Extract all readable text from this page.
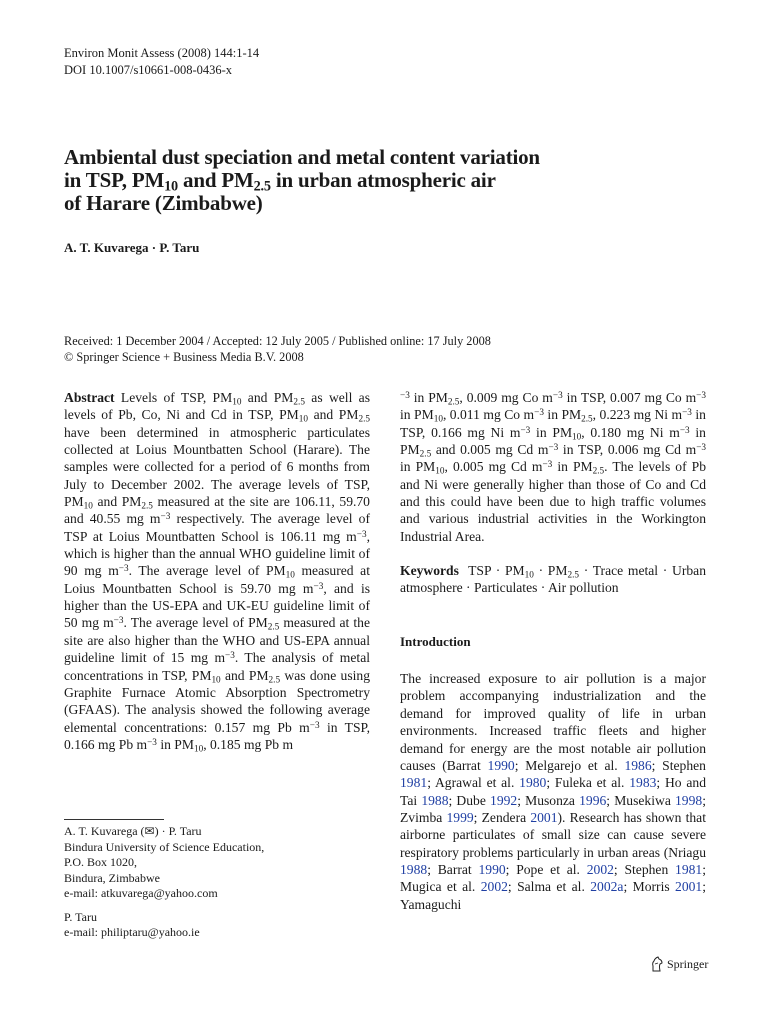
Environ Monit Assess (2008) 144:1-14
DOI 10.1007/s10661-008-0436-x
Ambiental dust speciation and metal content variation
in TSP, $PM_{10}$ and $PM_{2.5}$ in urban atmospheric air
of Harare (Zimbabwe)
A. T. Kuvarega · P. Taru
Received: 1 December 2004 / Accepted: 12 July 2005 / Published online: 17 July 2008
© Springer Science + Business Media B.V. 2008

Abstract Levels of TSP, $PM_{10}$ and $PM_{2.5}$ as well as levels of Pb, Co, Ni and Cd in TSP, $PM_{10}$ and $PM_{2.5}$ have been determined in atmospheric particulates collected at Loius Mountbatten School (Harare). The samples were collected for a period of 6 months from July to December 2002. The average levels of TSP, $PM_{10}$ and $PM_{2.5}$ measured at the site are 106.11, 59.70 and 40.55 mg $m^{-3}$ respectively. The average level of TSP at Loius Mountbatten School is 106.11 mg $m^{-3}$, which is higher than the annual WHO guideline limit of 90 mg $m^{-3}$. The average level of $PM_{10}$ measured at Loius Mountbatten School is 59.70 mg $m^{-3}$, and is higher than the US-EPA and UK-EU guideline limit of 50 mg $m^{-3}$. The average level of $PM_{2.5}$ measured at the site are also higher than the WHO and US-EPA annual guideline limit of 15 mg $m^{-3}$. The analysis of metal concentrations in TSP, $PM_{10}$ and $PM_{2.5}$ was done using Graphite Furnace Atomic Absorption Spectrometry (GFAAS). The analysis showed the following average elemental concentrations: 0.157 mg Pb $m^{-3}$ in TSP, 0.166 mg Pb $m^{-3}$ in $PM_{10}$, 0.185 mg Pb m

$^{-3}$ in $PM_{2.5}$, 0.009 mg Co $m^{-3}$ in TSP, 0.007 mg Co $m^{-3}$ in $PM_{10}$, 0.011 mg Co $m^{-3}$ in $PM_{2.5}$, 0.223 mg Ni $m^{-3}$ in TSP, 0.166 mg Ni $m^{-3}$ in $PM_{10}$, 0.180 mg Ni $m^{-3}$ in $PM_{2.5}$ and 0.005 mg Cd $m^{-3}$ in TSP, 0.006 mg Cd $m^{-3}$ in $PM_{10}$, 0.005 mg Cd $m^{-3}$ in $PM_{2.5}$. The levels of Pb and Ni were generally higher than those of Co and Cd and this could have been due to high traffic volumes and various industrial activities in the Workington Industrial Area.

Keywords TSP · $PM_{10} \cdot PM_{2.5}$ · Trace metal · Urban atmosphere · Particulates · Air pollution

Introduction

The increased exposure to air pollution is a major problem accompanying industrialization and the demand for improved quality of life in urban environments. Increased traffic fleets and higher demand for energy are the most notable air pollution causes (Barrat 1990; Melgarejo et al. 1986; Stephen 1981; Agrawal et al. 1980; Fuleka et al. 1983; Ho and Tai 1988; Dube 1992; Musonza 1996; Musekiwa 1998; Zvimba 1999; Zendera 2001). Research has shown that airborne particulates of small size can cause severe respiratory problems particularly in urban areas (Nriagu 1988; Barrat 1990; Pope et al. 2002; Stephen 1981; Mugica et al. 2002; Salma et al. 2002a; Morris 2001; Yamaguchi

A. T. Kuvarega (✉) · P. Taru
Bindura University of Science Education,
P.O. Box 1020,
Bindura, Zimbabwe
e-mail: atkuvarega@yahoo.com
P. Taru
e-mail: philiptaru@yahoo.ie
Springer
